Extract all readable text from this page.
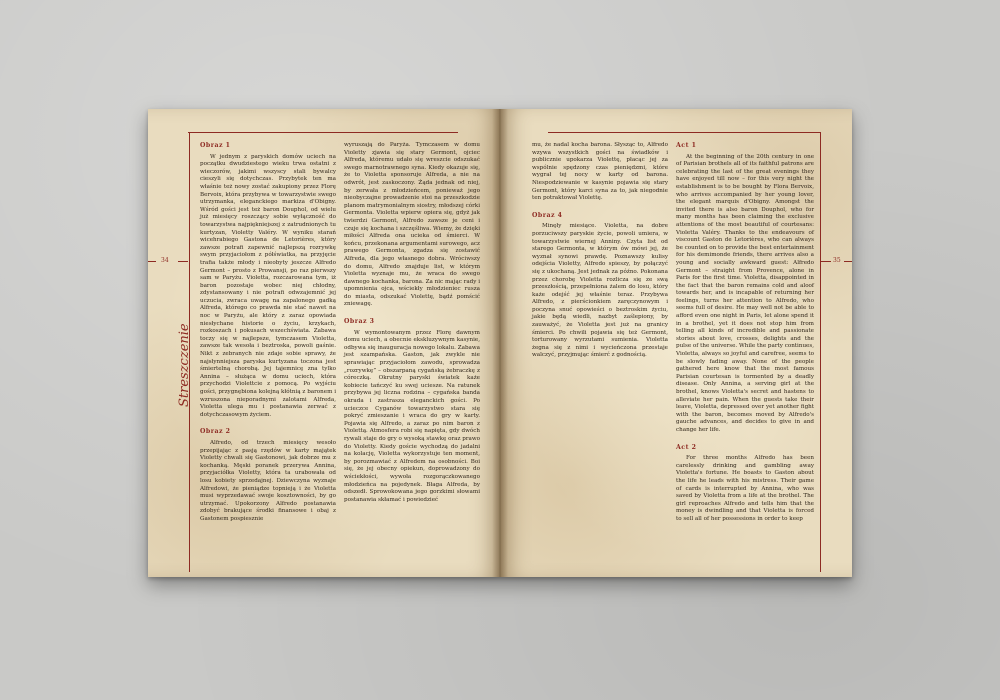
34
Streszczenie
Obraz 1

W jednym z paryskich domów uciech na początku dwudziestego wieku trwa ostatni z wieczorów, jakimi wszyscy stali bywalcy cieszyli się dotychczas. Przybytek ten ma właśnie też nowy zostać zakupiony przez Florę Bervoix, która przybywa w towarzystwie swego utrzymanka, eleganckiego markiza d'Obigny. Wśród gości jest też baron Douphol, od wielu już miesięcy roszczący sobie wyłączność do towarzystwa najpiękniejszej z zatrudnionych tu kurtyzan, Violetty Valéry. W wyniku starań wicehrabiego Gastona de Letorières, który zawsze potrafi zapewnić najlepszą rozrywkę swym przyjaciołom z półświatka, na przyjęcie trafia także młody i nieobyty jeszcze Alfredo Germont – prosto z Prowansji, po raz pierwszy sam w Paryżu. Violetta, rozczarowana tym, iż baron pozostaje wobec niej chłodny, zdystansowany i nie potrafi odwzajemnić jej uczucia, zwraca uwagę na zapalonego gadką Alfreda, którego co prawda nie stać nawet na noc w Paryżu, ale który z zaraz opowiada niesłychane historie o życiu, krzykach, rozkoszach i pokusach wszechświata. Zabawa toczy się w najlepsze, tymczasem Violetta, zawsze tak wesoła i beztroska, powoli gaśnie. Nikt z zebranych nie zdaje sobie sprawy, że najsłynniejsza paryska kurtyzana toczona jest śmiertelną chorobą. Jej tajemnicę zna tylko Annina – służąca w domu uciech, która przychodzi Violettcie z pomocą. Po wyjściu gości, przygnębiona kolejną kłótnią z baronem i wzruszona nieporadnymi zalotami Alfreda, Violetta ulega mu i postanawia zerwać z dotychczasowym życiem.

Obraz 2

Alfredo, od trzech miesięcy wesoło przepijając z pasją rzędów w karty majątek Violetty chwali się Gastonowi, jak dobrze mu z kochanką. Męski poranek przerywa Annina, przyjaciółka Violetty, która ta urabowała od losu kobiety sprzedajnej. Dziewczyna wyznaje Alfredowi, że pieniądze topnieją i że Violetta musi wyprzedawać swoje kosztowności, by go utrzymać. Upokorzony Alfredo postanawia zdobyć brakujące środki finansowe i obaj z Gastonem pospiesznie

wyruszają do Paryża. Tymczasem w domu Violetty zjawia się stary Germont, ojciec Alfreda, któremu udało się wreszcie odszukać swego marnotrawnego syna. Kiedy okazuje się, że to Violetta sponsoruje Alfreda, a nie na odwrót, jest zaskoczony. Żąda jednak od niej, by zerwała z młodzieńcem, ponieważ jego nieobyczajne prowadzenie stoi na przeszkodzie planom matrymonialnym siostry, młodszej córki Germonta. Violetta wpierw opiera się, gdyż jak twierdzi Germont, Alfredo zawsze je ceni i czuje się kochana i szczęśliwa. Wiemy, że dzięki miłości Alfreda ona ucieka od śmierci. W końcu, przekonana argumentami surowego, acz prawego Germonta, zgadza się zostawić Alfreda, dla jego własnego dobra. Wróciwszy do domu, Alfredo znajduje list, w którym Violetta wyznaje mu, że wraca do swego dawnego kochanka, barona. Za nic mając rady i upomnienia ojca, wściekły młodzieniec rusza do miasta, odszukać Violettę, bądź pomścić zniewagę.

Obraz 3

W wymontowanym przez Florę dawnym domu uciech, a obecnie ekskluzywnym kasynie, odbywa się inauguracja nowego lokalu. Zabawa jest szampańska. Gaston, jak zwykle nie sprawiając przyjaciołom zawodu, sprowadza „rozrywkę” – obszarpaną cygańską żebraczkę z córeczką. Okrutny paryski światek każe kobiecie tańczyć ku swej uciesze. Na ratunek przybywa jej liczna rodzina – cygańska banda okrada i zastrasza eleganckich gości. Po ucieczce Cyganów towarzystwo stara się pokryć zmieszanie i wraca do gry w karty. Pojawia się Alfredo, a zaraz po nim baron z Violettą. Atmosfera robi się napięta, gdy dwóch rywali staje do gry o wysoką stawkę oraz prawo do Violetty. Kiedy goście wychodzą do jadalni na kolację, Violetta wykorzystuje ten moment, by porozmawiać z Alfredem na osobności. Boi się, że jej obecny opiekun, doprowadzony do wściekłości, wywoła rozgorączkowanego młodzieńca na pojedynek. Błaga Alfreda, by odszedł. Sprowokowana jego gorzkimi słowami postanawia skłamać i powiedzieć

35

mu, że nadal kocha barona. Słysząc to, Alfredo wzywa wszystkich gości na świadków i publicznie upokarza Violettę, płacąc jej za wspólnie spędzony czas pieniędzmi, które wygrał tej nocy w karty od barona. Niespodziewanie w kasynie pojawia się stary Germont, który karci syna za to, jak niegodnie ten potraktował Violettę.

Obraz 4

Minęły miesiące. Violetta, na dobre porzuciwszy paryskie życie, powoli umiera, w towarzystwie wiernej Anniny. Czyta list od starego Germonta, w którym ów mówi jej, że wyznał synowi prawdę. Poznawszy kulisy odejścia Violetty, Alfredo spieszy, by połączyć się z ukochaną. Jest jednak za późno. Pokonana przez chorobę Violetta rozlicza się ze swą przeszłością, przepełniona żalem do losu, który każe odejść jej właśnie teraz. Przybywa Alfredo, z pierścionkiem zaręczynowym i poczyna snuć opowieści o beztroskim życiu, jakie będą wiedli, nazbyt zaślepiony, by zauważyć, że Violetta jest już na granicy śmierci. Po chwili pojawia się też Germont, torturowany wyrzutami sumienia. Violetta żegna się z nimi i wycieńczona przestaje walczyć, przyjmując śmierć z godnością.

Act 1

At the beginning of the 20th century in one of Parisian brothels all of its faithful patrons are celebrating the last of the great evenings they have enjoyed till now – for this very night the establishment is to be bought by Flora Bervoix, who arrives accompanied by her young lover, the elegant marquis d'Obigny. Amongst the invited there is also baron Douphol, who for many months has been claiming the exclusive attentions of the most beautiful of courtesans: Violetta Valéry. Thanks to the endeavours of viscount Gaston de Letorières, who can always be counted on to provide the best entertainment for his demimonde friends, there arrives also a young and socially awkward guest: Alfredo Germont – straight from Provence, alone in Paris for the first time. Violetta, disappointed in the fact that the baron remains cold and aloof towards her, and is incapable of returning her feelings, turns her attention to Alfredo, who seems full of desire. He may well not be able to afford even one night in Paris, let alone spend it in a brothel, yet it does not stop him from telling all kinds of incredible and passionate stories about love, crosses, delights and the pulse of the universe. While the party continues, Violetta, always so joyful and carefree, seems to be slowly fading away. None of the people gathered here know that the most famous Parisian courtesan is tormented by a deadly disease. Only Annina, a serving girl at the brothel, knows Violetta's secret and hastens to alleviate her pain. When the guests take their leave, Violetta, depressed over yet another fight with the baron, becomes moved by Alfredo's gauche advances, and decides to give in and change her life.

Act 2

For three months Alfredo has been carelessly drinking and gambling away Violetta's fortune. He boasts to Gaston about the life he leads with his mistress. Their game of cards is interrupted by Annina, who was saved by Violetta from a life at the brothel. The girl reproaches Alfredo and tells him that the money is dwindling and that Violetta is forced to sell all of her possessions in order to keep
